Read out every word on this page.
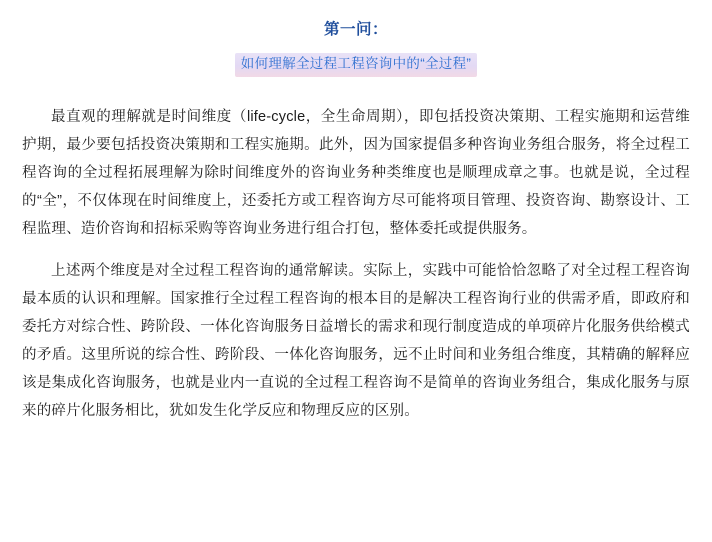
第一问：
如何理解全过程工程咨询中的“全过程”

最直观的理解就是时间维度（life-cycle，全生命周期），即包括投资决策期、工程实施期和运营维护期，最少要包括投资决策期和工程实施期。此外，因为国家提倡多种咨询业务组合服务，将全过程工程咨询的全过程拓展理解为除时间维度外的咨询业务种类维度也是顺理成章之事。也就是说，全过程的“全”，不仅体现在时间维度上，还委托方或工程咨询方尽可能将项目管理、投资咨询、勘察设计、工程监理、造价咨询和招标采购等咨询业务进行组合打包，整体委托或提供服务。

上述两个维度是对全过程工程咨询的通常解读。实际上，实践中可能恰恰忽略了对全过程工程咨询最本质的认识和理解。国家推行全过程工程咨询的根本目的是解决工程咨询行业的供需矛盾，即政府和委托方对综合性、跨阶段、一体化咨询服务日益增长的需求和现行制度造成的单项碎片化服务供给模式的矛盾。这里所说的综合性、跨阶段、一体化咨询服务，远不止时间和业务组合维度，其精确的解释应该是集成化咨询服务，也就是业内一直说的全过程工程咨询不是简单的咨询业务组合，集成化服务与原来的碎片化服务相比，犹如发生化学反应和物理反应的区别。
